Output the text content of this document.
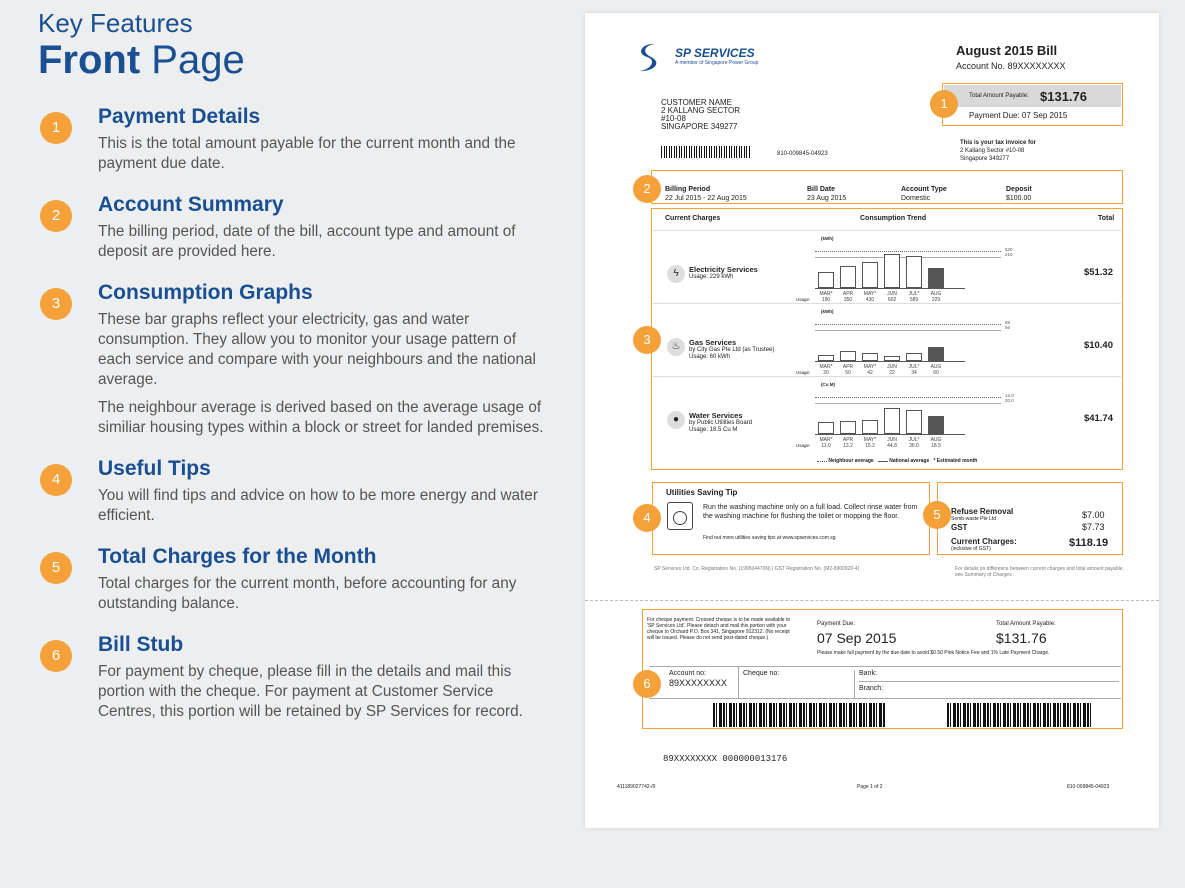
Key Features
Front Page
1	Payment Details
This is the total amount payable for the current month and the payment due date.
2	Account Summary
The billing period, date of the bill, account type and amount of deposit are provided here.
3	Consumption Graphs
These bar graphs reflect your electricity, gas and water consumption. They allow you to monitor your usage pattern of each service and compare with your neighbours and the national average.
The neighbour average is derived based on the average usage of similiar housing types within a block or street for landed premises.
4	Useful Tips
You will find tips and advice on how to be more energy and water efficient.
5	Total Charges for the Month
Total charges for the current month, before accounting for any outstanding balance.
6	Bill Stub
For payment by cheque, please fill in the details and mail this portion with the cheque. For payment at Customer Service Centres, this portion will be retained by SP Services for record.
SP SERVICES
A member of Singapore Power Group
August 2015 Bill
Account No. 89XXXXXXXX
Total Amount Payable: $131.76
Payment Due: 07 Sep 2015
1
CUSTOMER NAME
2 KALLANG SECTOR
#10-08
SINGAPORE 349277
810-009845-04923
This is your tax invoice for
2 Kallang Sector #10-08
Singapore 349277
2	Billing Period
22 Jul 2015 - 22 Aug 2015
Bill Date
23 Aug 2015
Account Type
Domestic
Deposit
$100.00
Current Charges	Consumption Trend	Total
3
ϟ	Electricity Services
Usage: 229 kWh
(kWh)
520
210
Usage:
MAR*
190
APR
350
MAY*
430
JUN
602
JUL*
589
AUG
229
$51.32
♨	Gas Services
by City Gas Pte Ltd (as Trustee)
Usage: 60 kWh
(kWh)
89
66
Usage:
MAR*
20
APR
50
MAY*
42
JUN
22
JUL*
34
AUG
60
$10.40
●	Water Services
by Public Utilities Board
Usage: 18.5 Cu M
(Cu M)
12.0
20.0
Usage:
MAR*
11.0
APR
13.2
MAY*
15.2
JUN
44.8
JUL*
36.0
AUG
18.5
$41.74
Neighbour average	National average * Estimated month
4
Utilities Saving Tip
Run the washing machine only on a full load. Collect rinse water from the washing machine for flushing the toilet or mopping the floor.
Find out more utilities saving tips at www.spservices.com.sg
5	Refuse Removal
Semb-waste Pte Ltd	$7.00
GST	$7.73
Current Charges:
(inclusive of GST)	$118.19
SP Services Ltd. Co. Registration No. (199504470N) | GST Registration No. (M2-8900920-4)	For details on difference between current charges and total amount payable, see Summary of Charges
For cheque payment: Crossed cheque is to be made available to 'SP Services Ltd'. Please detach and mail this portion with your cheque to Orchard P.O. Box 341, Singapore 912312. (No receipt will be issued. Please do not send post-dated cheque.)
Payment Due:
07 Sep 2015
Total Amount Payable:
$131.76
Please make full payment by the due date to avoid $0.50 Pink Notice Fee and 1% Late Payment Charge.
Account no:
89XXXXXXXX
Cheque no:	Bank:
Branch:
6
89XXXXXXXX 000000013176
411189027742-/0	Page 1 of 2	810-009845-04923
